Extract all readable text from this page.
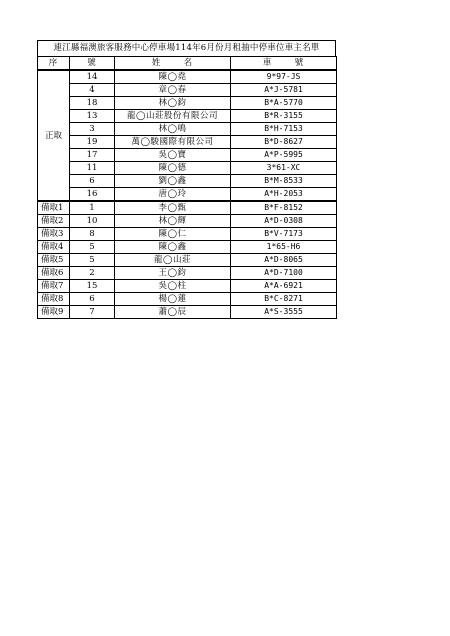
連江縣福澳旅客服務中心停車場114年6月份月租抽中停車位車主名單
序	號	姓 名	車 號
正取	14	陳◯堯	9*97-JS
	4	章◯春	A*J-5781
	18	林◯鈞	B*A-5770
	13	龍◯山莊股份有限公司	B*R-3155
	3	林◯鳴	B*H-7153
	19	萬◯駿國際有限公司	B*D-8627
	17	吳◯寶	A*P-5995
	11	陳◯德	3*61-XC
	6	劉◯鑫	B*M-8533
	16	唐◯玲	A*H-2053
備取1	1	李◯甄	B*F-8152
備取2	10	林◯輝	A*D-0308
備取3	8	陳◯仁	B*V-7173
備取4	5	陳◯鑫	1*65-H6
備取5	5	龍◯山莊	A*D-8065
備取6	2	王◯鈞	A*D-7100
備取7	15	吳◯柱	A*A-6921
備取8	6	楊◯蓮	B*C-8271
備取9	7	蕭◯辰	A*S-3555
